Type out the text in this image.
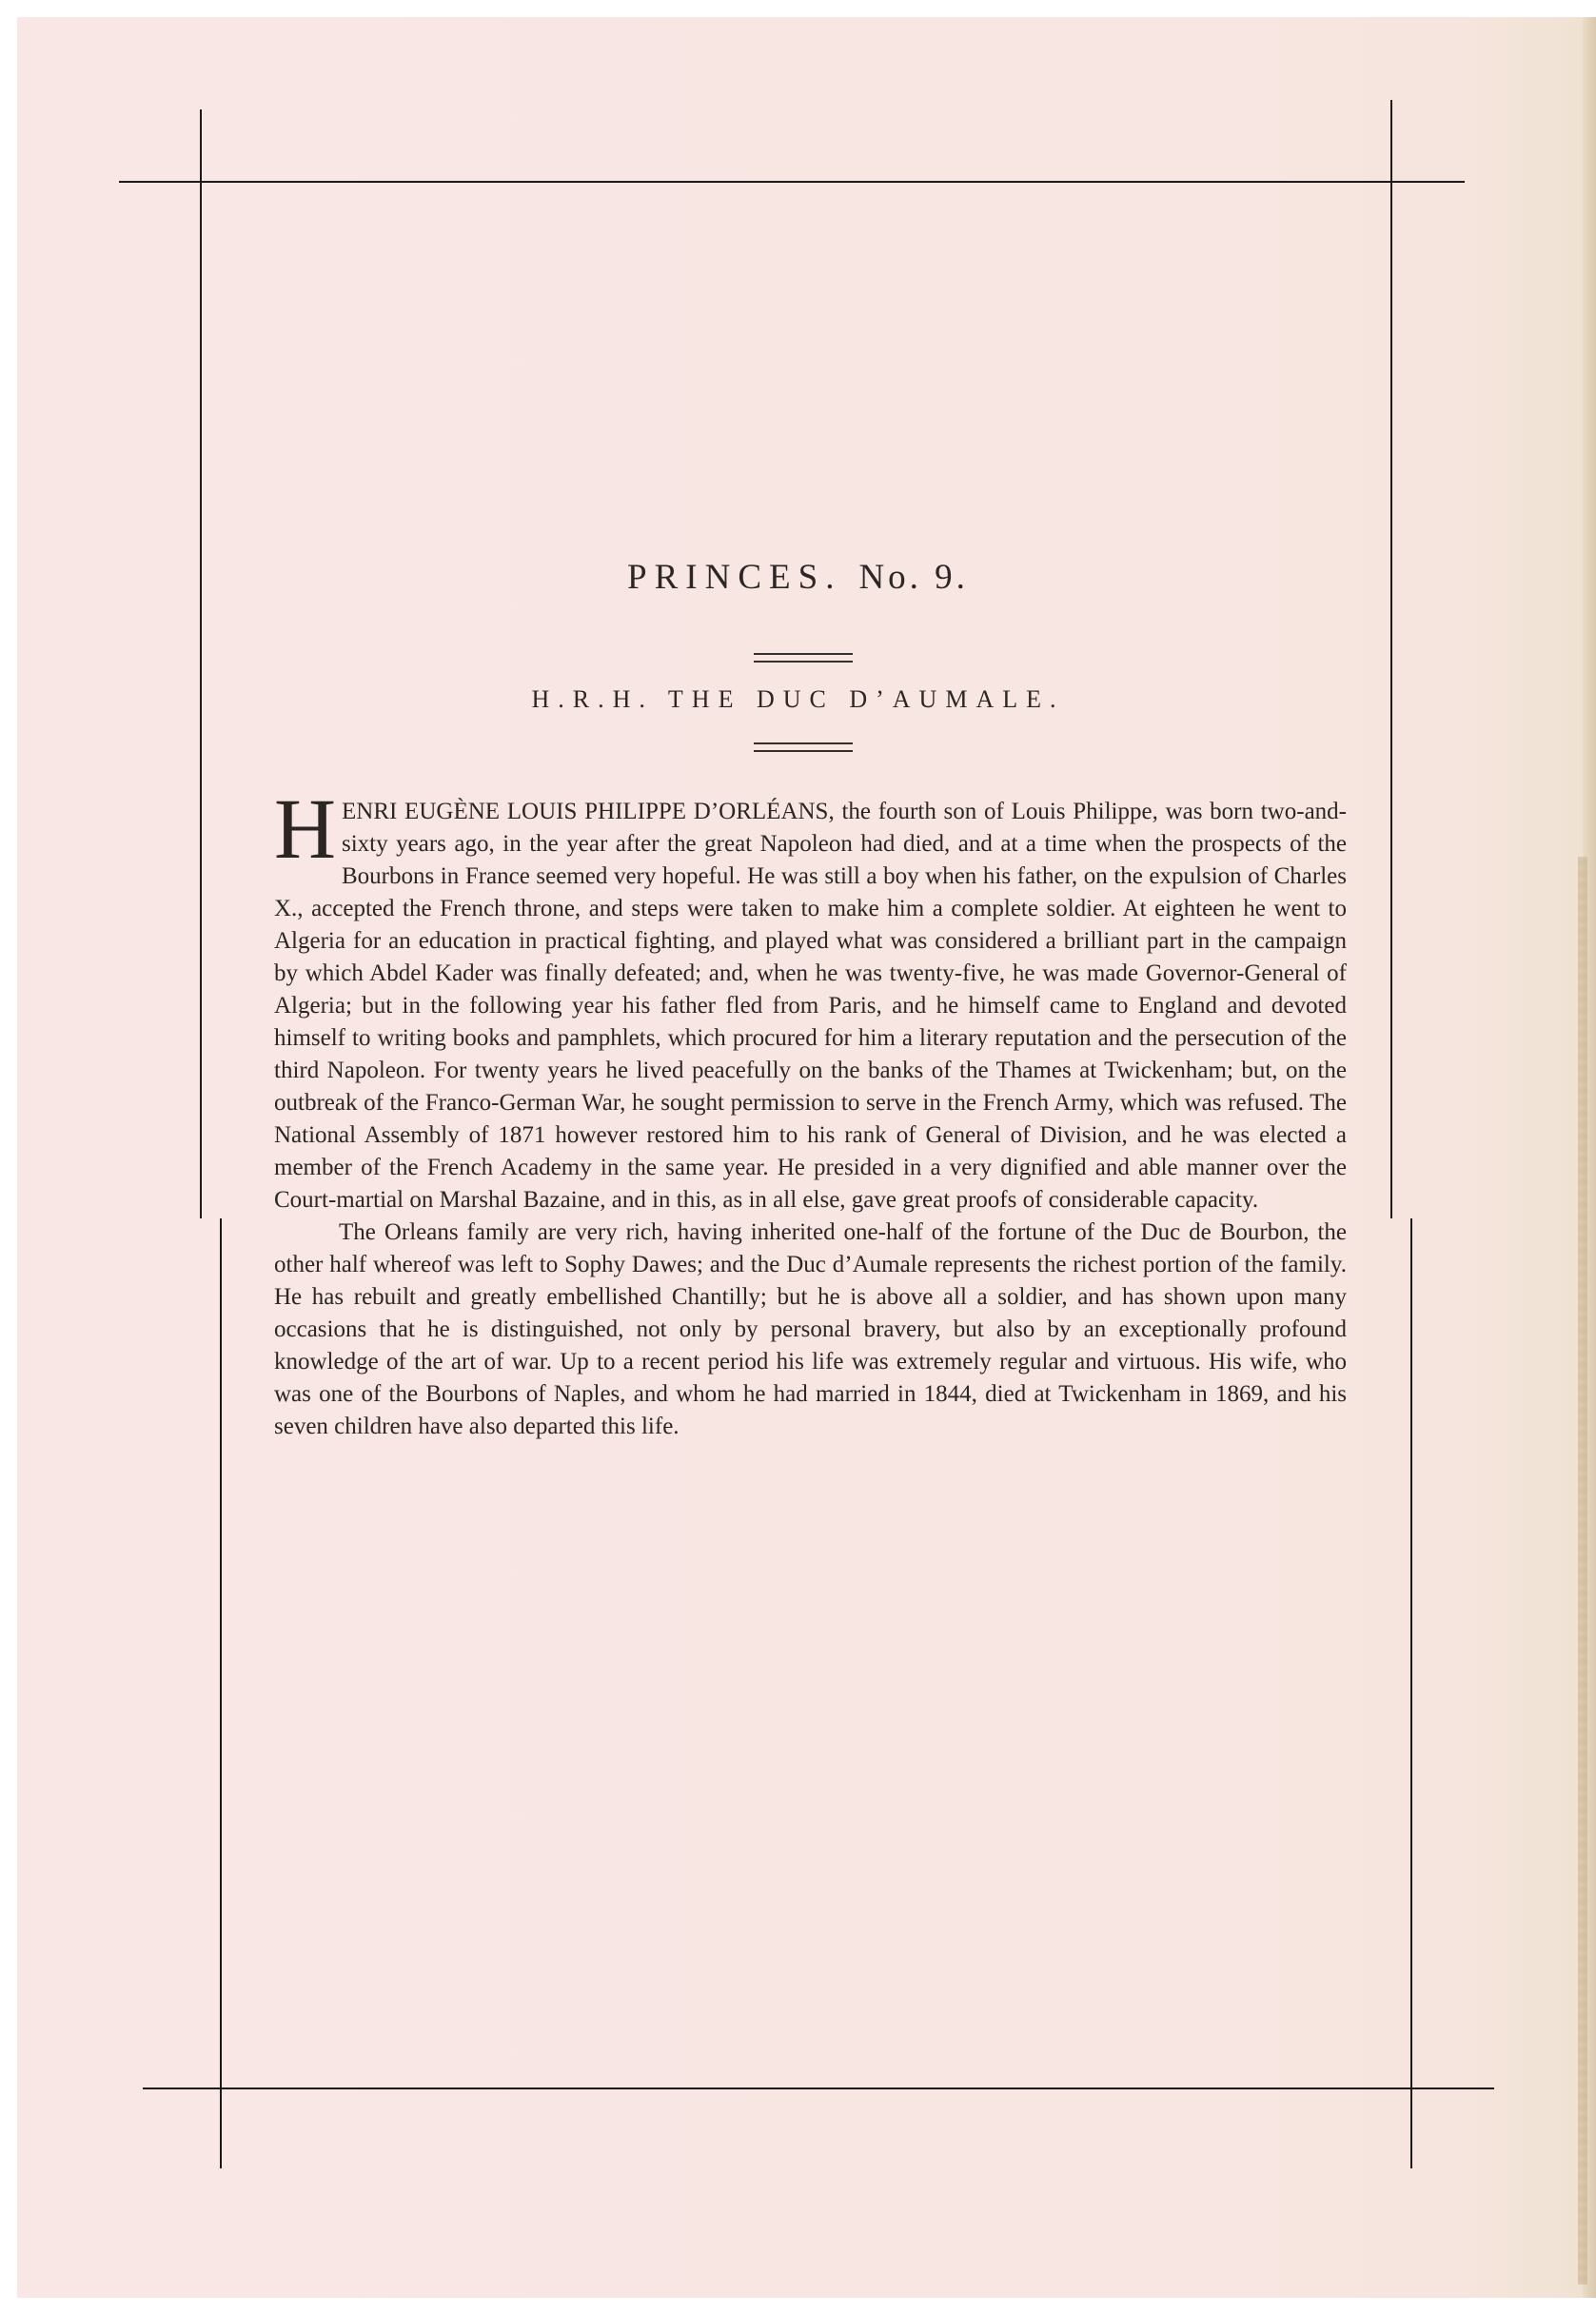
PRINCES. No. 9.
H.R.H. THE DUC D’AUMALE.

HENRI EUGÈNE LOUIS PHILIPPE D’ORLÉANS, the fourth son of Louis Philippe, was born two-and-sixty years ago, in the year after the great Napoleon had died, and at a time when the prospects of the Bourbons in France seemed very hopeful. He was still a boy when his father, on the expulsion of Charles X., accepted the French throne, and steps were taken to make him a complete soldier. At eighteen he went to Algeria for an education in practical fighting, and played what was considered a brilliant part in the campaign by which Abdel Kader was finally defeated; and, when he was twenty-five, he was made Governor-General of Algeria; but in the following year his father fled from Paris, and he himself came to England and devoted himself to writing books and pamphlets, which procured for him a literary reputation and the persecution of the third Napoleon. For twenty years he lived peacefully on the banks of the Thames at Twickenham; but, on the outbreak of the Franco-German War, he sought permission to serve in the French Army, which was refused. The National Assembly of 1871 however restored him to his rank of General of Division, and he was elected a member of the French Academy in the same year. He presided in a very dignified and able manner over the Court-martial on Marshal Bazaine, and in this, as in all else, gave great proofs of considerable capacity.

The Orleans family are very rich, having inherited one-half of the fortune of the Duc de Bourbon, the other half whereof was left to Sophy Dawes; and the Duc d’Aumale represents the richest portion of the family. He has rebuilt and greatly embellished Chantilly; but he is above all a soldier, and has shown upon many occasions that he is distinguished, not only by personal bravery, but also by an exceptionally profound knowledge of the art of war. Up to a recent period his life was extremely regular and virtuous. His wife, who was one of the Bourbons of Naples, and whom he had married in 1844, died at Twickenham in 1869, and his seven children have also departed this life.
